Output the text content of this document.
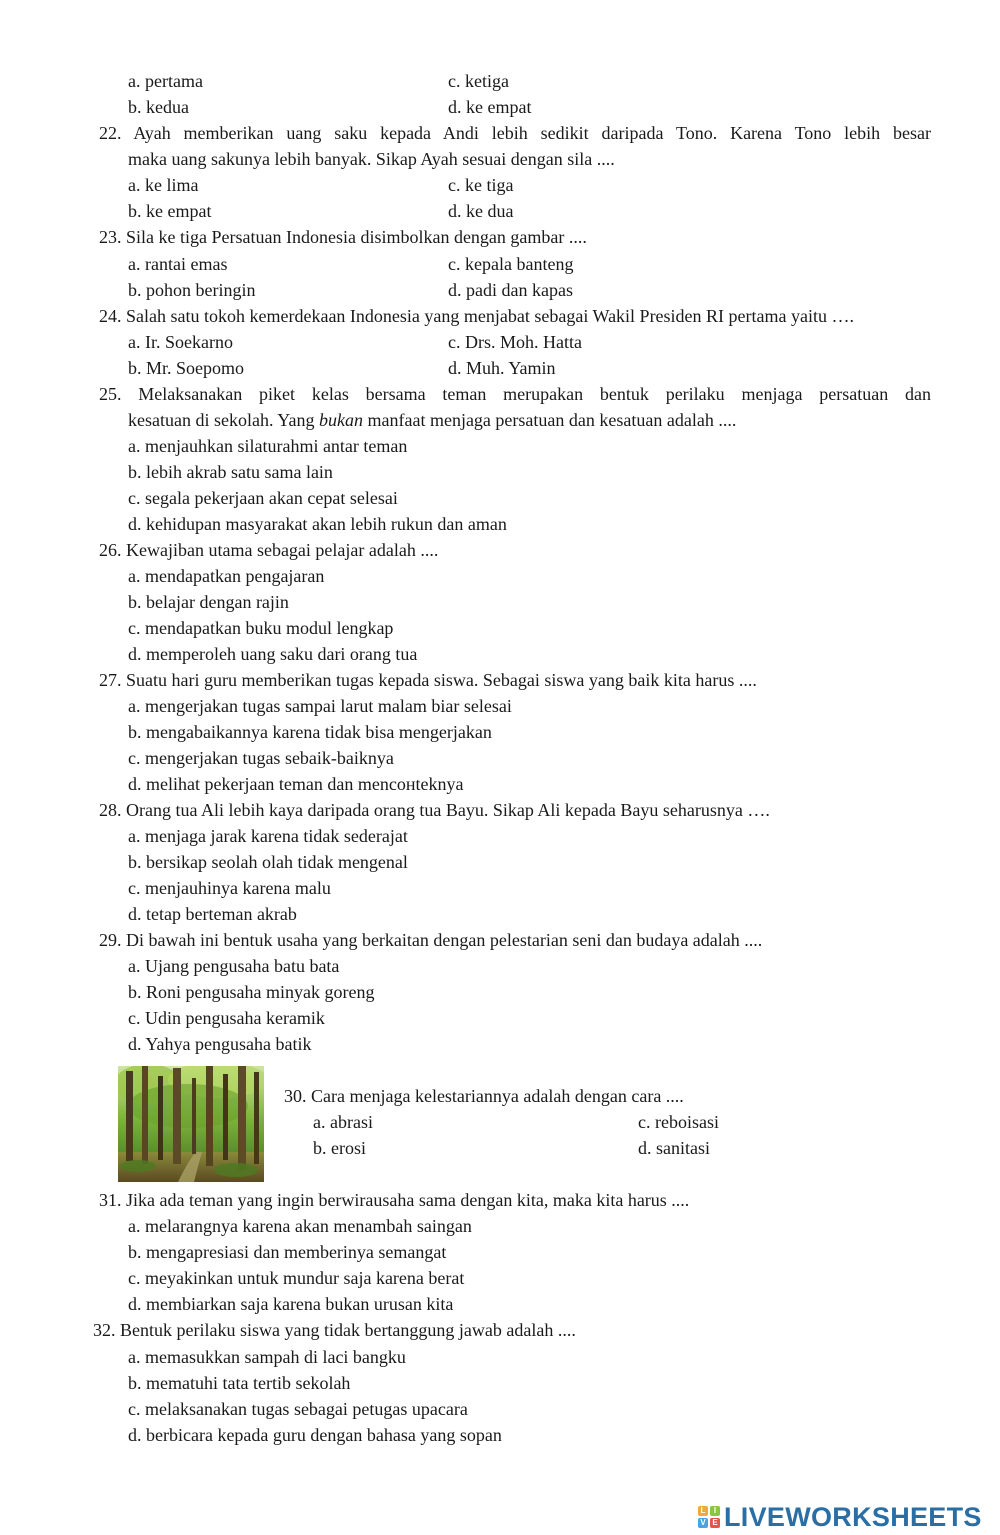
a. pertama	c. ketiga
b. kedua	d. ke empat
22. Ayah memberikan uang saku kepada Andi lebih sedikit daripada Tono. Karena Tono lebih besar
maka uang sakunya lebih banyak. Sikap Ayah sesuai dengan sila ....
a. ke lima	c. ke tiga
b. ke empat	d. ke dua
23. Sila ke tiga Persatuan Indonesia disimbolkan dengan gambar ....
a. rantai emas	c. kepala banteng
b. pohon beringin	d. padi dan kapas
24. Salah satu tokoh kemerdekaan Indonesia yang menjabat sebagai Wakil Presiden RI pertama yaitu ….
a. Ir. Soekarno	c. Drs. Moh. Hatta
b. Mr. Soepomo	d. Muh. Yamin
25. Melaksanakan piket kelas bersama teman merupakan bentuk perilaku menjaga persatuan dan
kesatuan di sekolah. Yang bukan manfaat menjaga persatuan dan kesatuan adalah ....
a. menjauhkan silaturahmi antar teman
b. lebih akrab satu sama lain
c. segala pekerjaan akan cepat selesai
d. kehidupan masyarakat akan lebih rukun dan aman
26. Kewajiban utama sebagai pelajar adalah ....
a. mendapatkan pengajaran
b. belajar dengan rajin
c. mendapatkan buku modul lengkap
d. memperoleh uang saku dari orang tua
27. Suatu hari guru memberikan tugas kepada siswa. Sebagai siswa yang baik kita harus ....
a. mengerjakan tugas sampai larut malam biar selesai
b. mengabaikannya karena tidak bisa mengerjakan
c. mengerjakan tugas sebaik-baiknya
d. melihat pekerjaan teman dan mencонteknya
28. Orang tua Ali lebih kaya daripada orang tua Bayu. Sikap Ali kepada Bayu seharusnya ….
a. menjaga jarak karena tidak sederajat
b. bersikap seolah olah tidak mengenal
c. menjauhinya karena malu
d. tetap berteman akrab
29. Di bawah ini bentuk usaha yang berkaitan dengan pelestarian seni dan budaya adalah ....
a. Ujang pengusaha batu bata
b. Roni pengusaha minyak goreng
c. Udin pengusaha keramik
d. Yahya pengusaha batik
30. Cara menjaga kelestariannya adalah dengan cara ....
a. abrasi	c. reboisasi
b. erosi	d. sanitasi
31. Jika ada teman yang ingin berwirausaha sama dengan kita, maka kita harus ....
a. melarangnya karena akan menambah saingan
b. mengapresiasi dan memberinya semangat
c. meyakinkan untuk mundur saja karena berat
d. membiarkan saja karena bukan urusan kita
32. Bentuk perilaku siswa yang tidak bertanggung jawab adalah ....
a. memasukkan sampah di laci bangku
b. mematuhi tata tertib sekolah
c. melaksanakan tugas sebagai petugas upacara
d. berbicara kepada guru dengan bahasa yang sopan
L	I
V E LIVEWORKSHEETS
